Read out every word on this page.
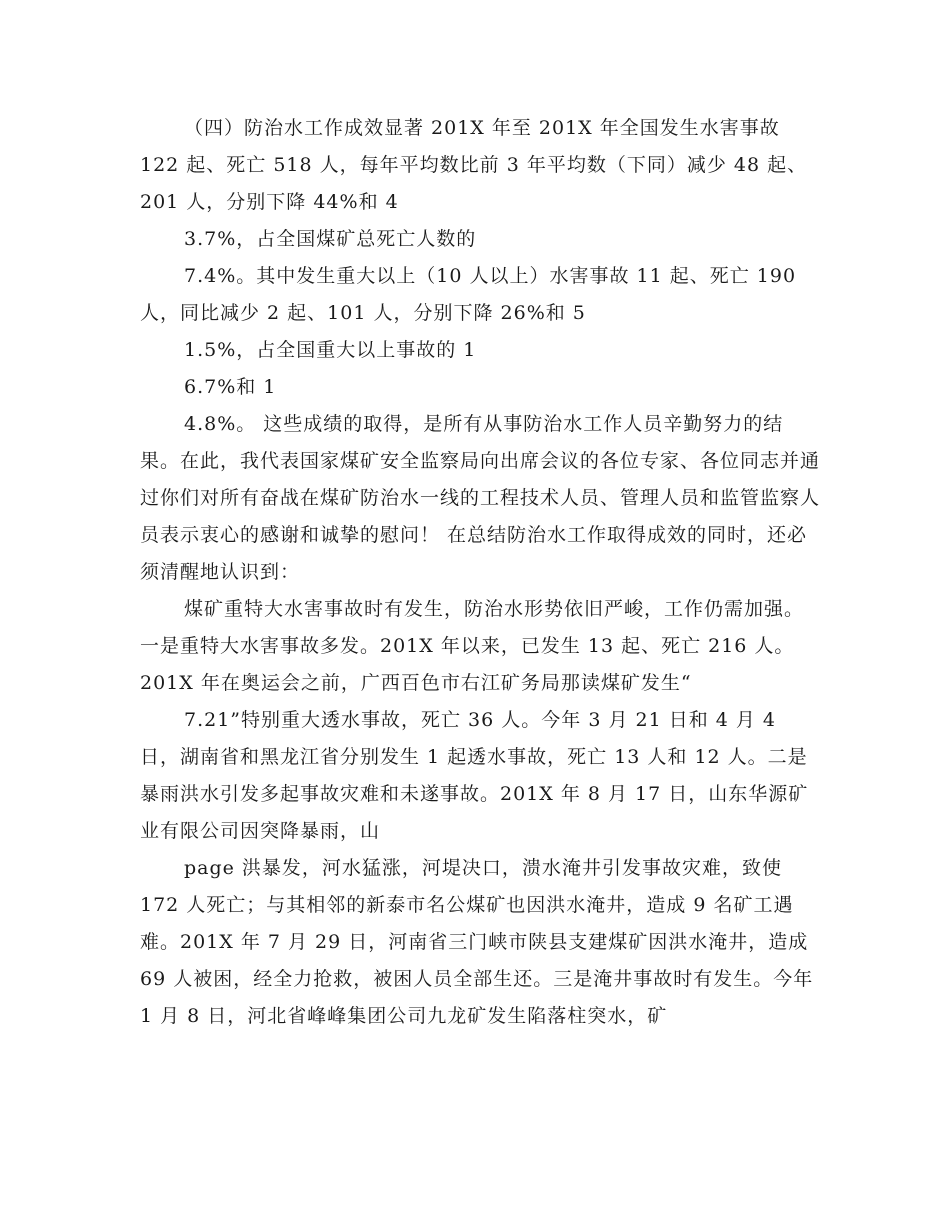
（四）防治水工作成效显著 201X 年至 201X 年全国发生水害事故 122 起、死亡 518 人，每年平均数比前 3 年平均数（下同）减少 48 起、201 人，分别下降 44%和 4

3.7%，占全国煤矿总死亡人数的

7.4%。其中发生重大以上（10 人以上）水害事故 11 起、死亡 190 人，同比减少 2 起、101 人，分别下降 26%和 5

1.5%，占全国重大以上事故的 1

6.7%和 1

4.8%。 这些成绩的取得，是所有从事防治水工作人员辛勤努力的结果。在此，我代表国家煤矿安全监察局向出席会议的各位专家、各位同志并通过你们对所有奋战在煤矿防治水一线的工程技术人员、管理人员和监管监察人员表示衷心的感谢和诚挚的慰问！ 在总结防治水工作取得成效的同时，还必须清醒地认识到：

煤矿重特大水害事故时有发生，防治水形势依旧严峻，工作仍需加强。一是重特大水害事故多发。201X 年以来，已发生 13 起、死亡 216 人。201X 年在奥运会之前，广西百色市右江矿务局那读煤矿发生“

7.21”特别重大透水事故，死亡 36 人。今年 3 月 21 日和 4 月 4 日，湖南省和黑龙江省分别发生 1 起透水事故，死亡 13 人和 12 人。二是暴雨洪水引发多起事故灾难和未遂事故。201X 年 8 月 17 日，山东华源矿业有限公司因突降暴雨，山

page 洪暴发，河水猛涨，河堤决口，溃水淹井引发事故灾难，致使 172 人死亡；与其相邻的新泰市名公煤矿也因洪水淹井，造成 9 名矿工遇难。201X 年 7 月 29 日，河南省三门峡市陕县支建煤矿因洪水淹井，造成 69 人被困，经全力抢救，被困人员全部生还。三是淹井事故时有发生。今年 1 月 8 日，河北省峰峰集团公司九龙矿发生陷落柱突水，矿
